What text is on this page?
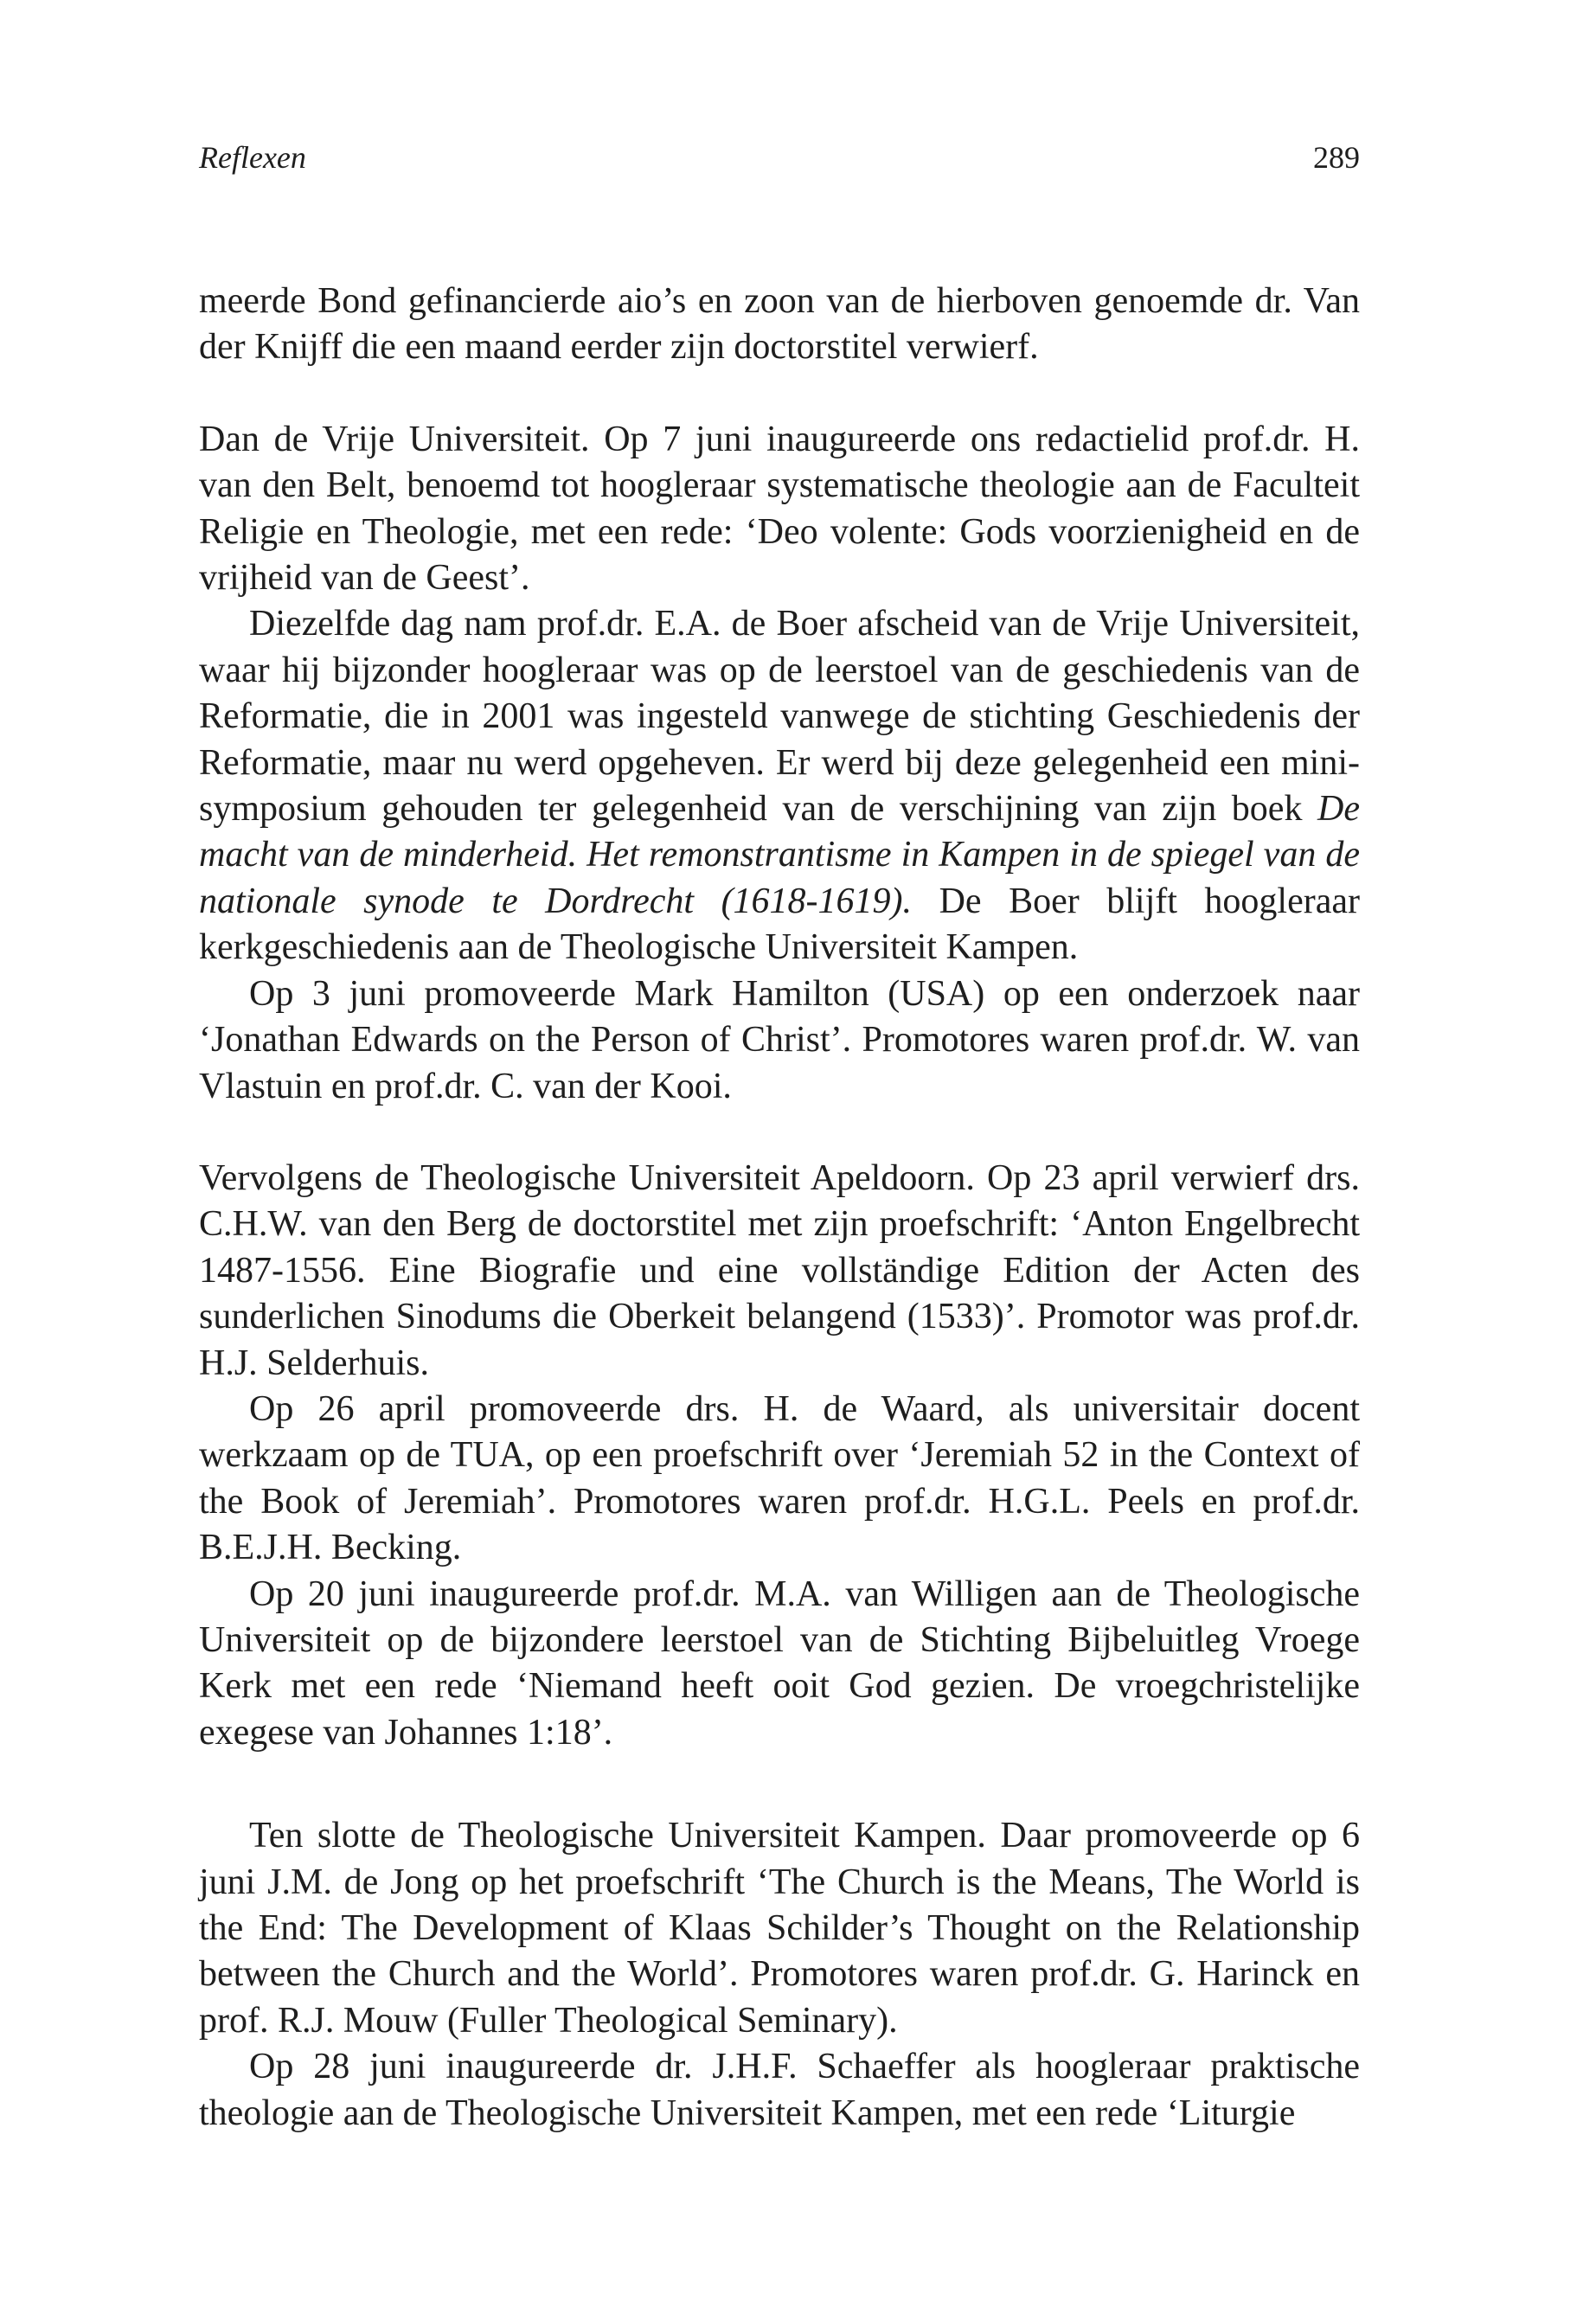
Reflexen	289

meerde Bond gefinancierde aio’s en zoon van de hierboven genoemde dr. Van der Knijff die een maand eerder zijn doctorstitel verwierf.

Dan de Vrije Universiteit. Op 7 juni inaugureerde ons redactielid prof.dr. H. van den Belt, benoemd tot hoogleraar systematische theologie aan de Faculteit Religie en Theologie, met een rede: ‘Deo volente: Gods voorzienigheid en de vrijheid van de Geest’.

Diezelfde dag nam prof.dr. E.A. de Boer afscheid van de Vrije Universiteit, waar hij bijzonder hoogleraar was op de leerstoel van de geschiedenis van de Reformatie, die in 2001 was ingesteld vanwege de stichting Geschiedenis der Reformatie, maar nu werd opgeheven. Er werd bij deze gelegenheid een mini-symposium gehouden ter gelegenheid van de verschijning van zijn boek De macht van de minderheid. Het remonstrantisme in Kampen in de spiegel van de nationale synode te Dordrecht (1618-1619). De Boer blijft hoogleraar kerkgeschiedenis aan de Theologische Universiteit Kampen.

Op 3 juni promoveerde Mark Hamilton (USA) op een onderzoek naar ‘Jonathan Edwards on the Person of Christ’. Promotores waren prof.dr. W. van Vlastuin en prof.dr. C. van der Kooi.

Vervolgens de Theologische Universiteit Apeldoorn. Op 23 april verwierf drs. C.H.W. van den Berg de doctorstitel met zijn proefschrift: ‘Anton Engelbrecht 1487-1556. Eine Biografie und eine vollständige Edition der Acten des sunderlichen Sinodums die Oberkeit belangend (1533)’. Promotor was prof.dr. H.J. Selderhuis.

Op 26 april promoveerde drs. H. de Waard, als universitair docent werkzaam op de TUA, op een proefschrift over ‘Jeremiah 52 in the Context of the Book of Jeremiah’. Promotores waren prof.dr. H.G.L. Peels en prof.dr. B.E.J.H. Becking.

Op 20 juni inaugureerde prof.dr. M.A. van Willigen aan de Theologische Universiteit op de bijzondere leerstoel van de Stichting Bijbeluitleg Vroege Kerk met een rede ‘Niemand heeft ooit God gezien. De vroegchristelijke exegese van Johannes 1:18’.

Ten slotte de Theologische Universiteit Kampen. Daar promoveerde op 6 juni J.M. de Jong op het proefschrift ‘The Church is the Means, The World is the End: The Development of Klaas Schilder’s Thought on the Relationship between the Church and the World’. Promotores waren prof.dr. G. Harinck en prof. R.J. Mouw (Fuller Theological Seminary).

Op 28 juni inaugureerde dr. J.H.F. Schaeffer als hoogleraar praktische theologie aan de Theologische Universiteit Kampen, met een rede ‘Liturgie
